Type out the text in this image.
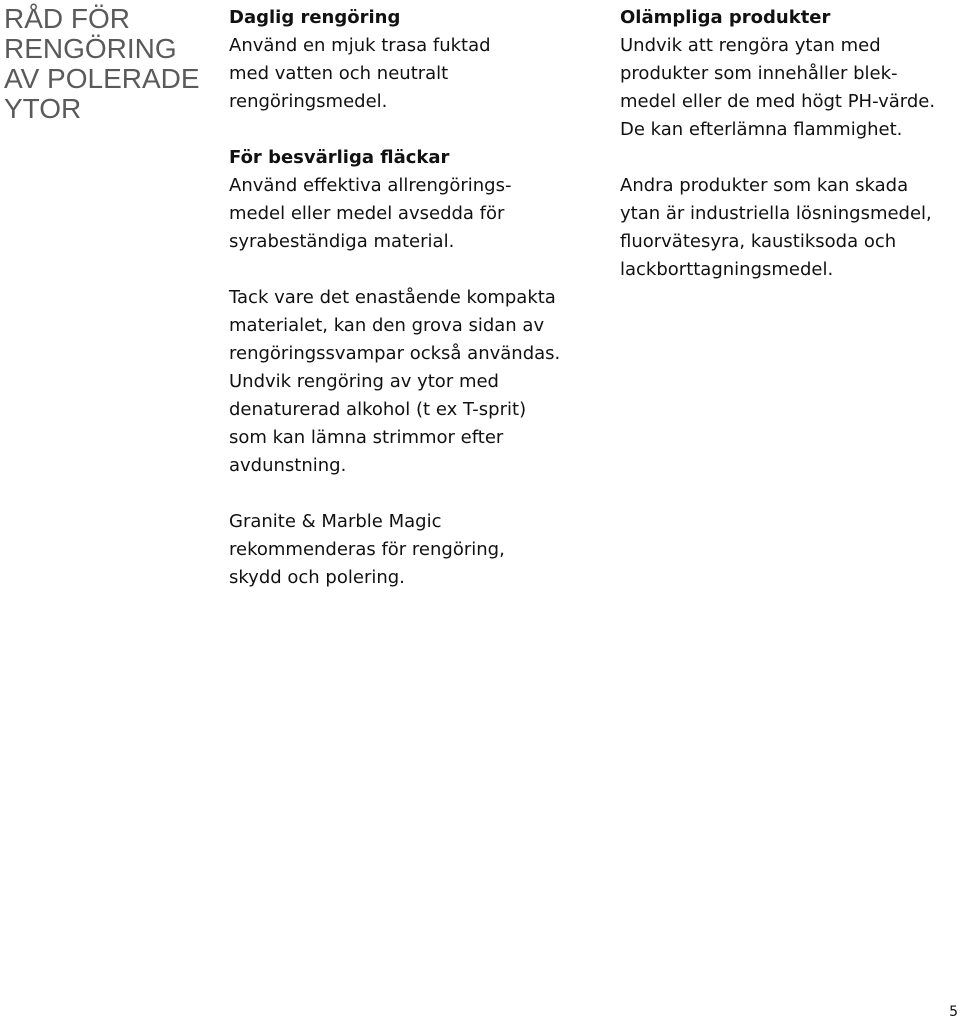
RÅD FÖR
RENGÖRING
AV POLERADE
YTOR
Daglig rengöring
Använd en mjuk trasa fuktad
med vatten och neutralt
rengöringsmedel.
För besvärliga fläckar
Använd effektiva allrengörings-
medel eller medel avsedda för
syrabeständiga material.
Tack vare det enastående kompakta
materialet, kan den grova sidan av
rengöringssvampar också användas.
Undvik rengöring av ytor med
denaturerad alkohol (t ex T-sprit)
som kan lämna strimmor efter
avdunstning.
Granite & Marble Magic
rekommenderas för rengöring,
skydd och polering.
Olämpliga produkter
Undvik att rengöra ytan med
produkter som innehåller blek-
medel eller de med högt PH-värde.
De kan efterlämna flammighet.
Andra produkter som kan skada
ytan är industriella lösningsmedel,
fluorvätesyra, kaustiksoda och
lackborttagningsmedel.
5
